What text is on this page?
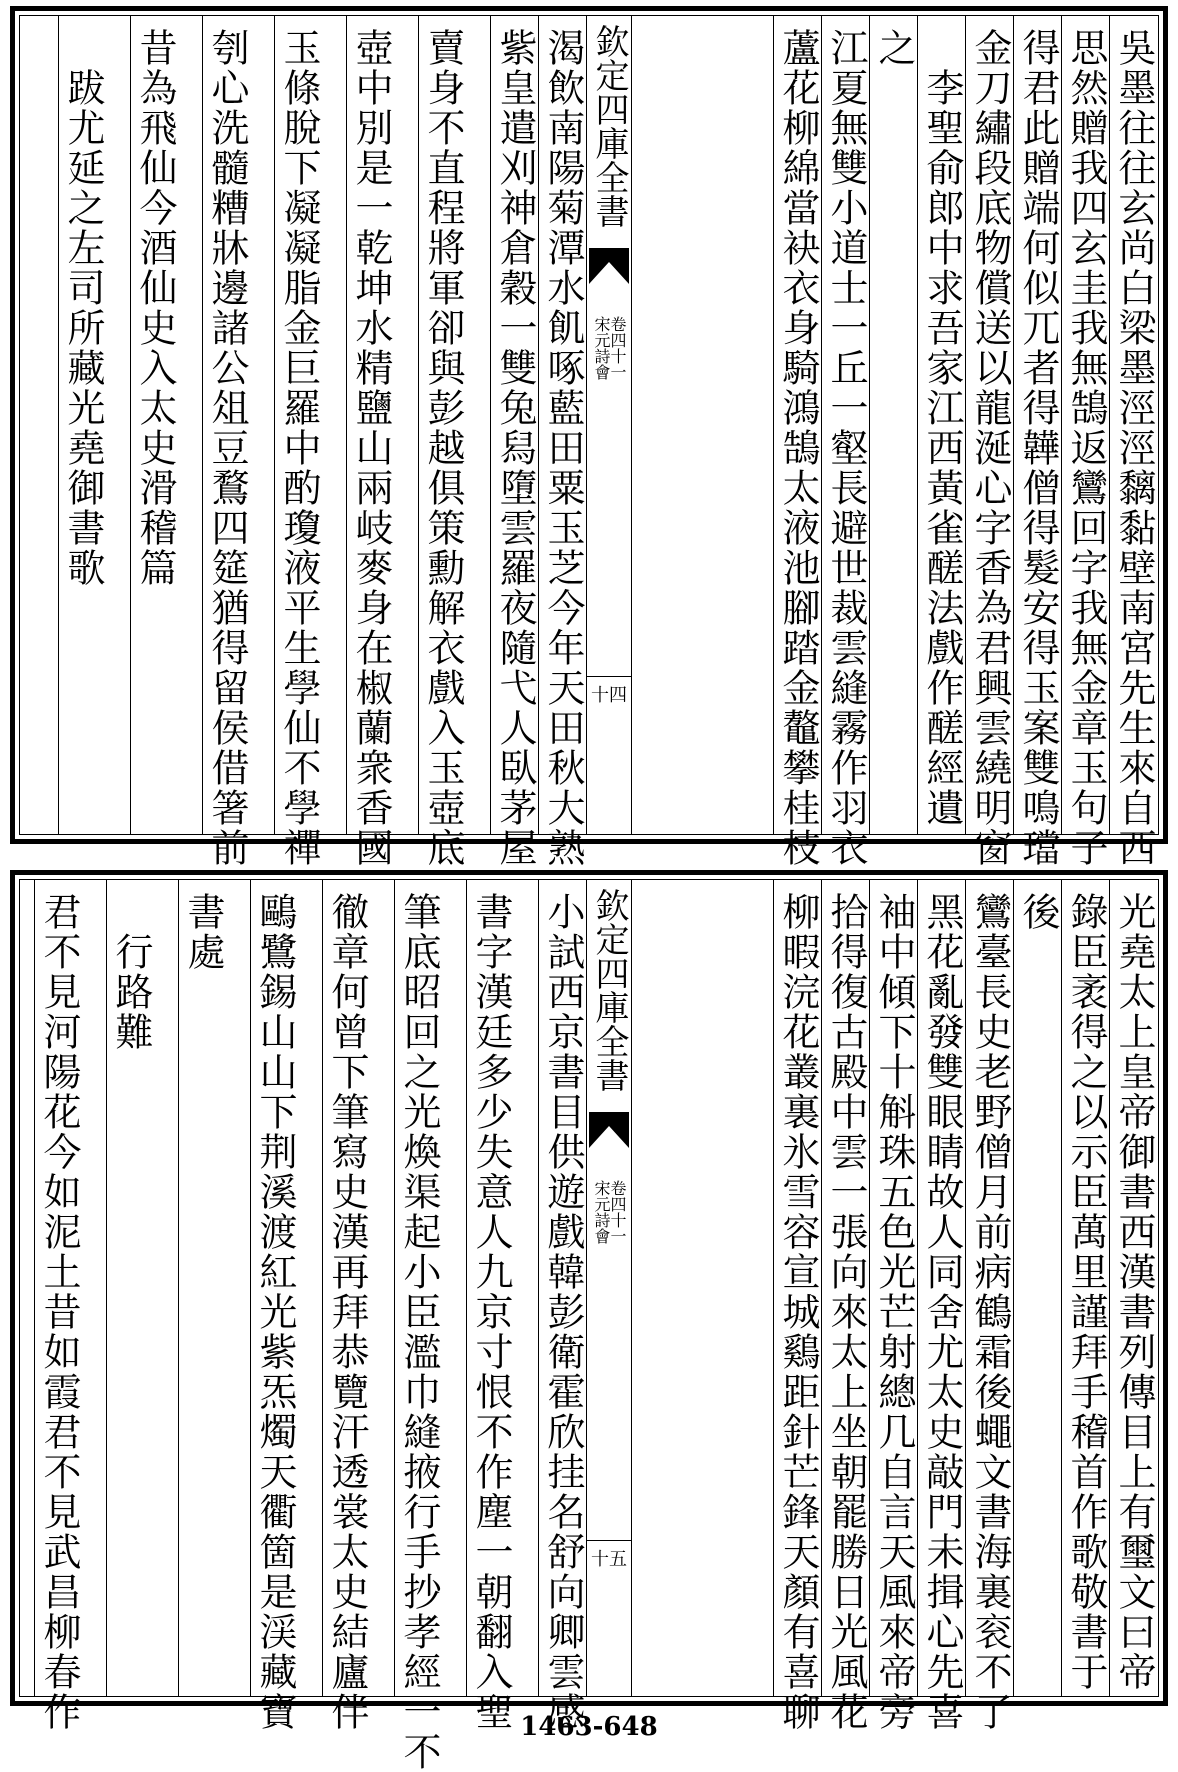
吳墨往往玄尚白梁墨涇涇黐黏壁南宮先生來自西
思然贈我四玄圭我無鵠返鸞回字我無金章玉句子
得君此贈端何似兀者得韡僧得髮安得玉案雙鳴璫
金刀繡段底物償送以龍涎心字香為君興雲繞明窗
　李聖俞郎中求吾家江西黃雀醝法戲作醝經遺
之
江夏無雙小道士一丘一壑長避世裁雲縫霧作羽衣
蘆花柳綿當袂衣身騎鴻鵠太液池腳踏金鼇攀桂枝
欽定四庫全書
宋元詩會
卷四十一
十四
渴飲南陽菊潭水飢啄藍田粟玉芝今年天田秋大熟
紫皇遣刈神倉穀一雙兔舄墮雲羅夜隨弋人臥茅屋
賣身不直程將軍卻與彭越俱策勳解衣戲入玉壺底
壺中別是一乾坤水精鹽山兩岐麥身在椒蘭衆香國
玉條脫下凝凝脂金巨羅中酌瓊液平生學仙不學禪
刳心洗髓糟牀邊諸公俎豆鶩四筵猶得留侯借箸前
昔為飛仙今酒仙史入太史滑稽篇
　跋尤延之左司所藏光堯御書歌
光堯太上皇帝御書西漢書列傳目上有璽文曰帝
錄臣袤得之以示臣萬里謹拜手稽首作歌敬書于
後
鸞臺長史老野僧月前病鶴霜後蠅文書海裏衮不了
黑花亂發雙眼睛故人同舍尤太史敲門未揖心先喜
袖中傾下十斛珠五色光芒射總几自言天風來帝旁
拾得復古殿中雲一張向來太上坐朝罷勝日光風花
柳暇浣花叢裏氷雪容宣城鷄距針芒鋒天顏有喜聊
欽定四庫全書
宋元詩會
卷四十一
十五
小試西京書目供遊戲韓彭衛霍欣挂名舒向卿雲感
書字漢廷多少失意人九京寸恨不作塵一朝翻入聖
筆底昭回之光煥渠起小臣濫巾縫掖行手抄孝經一不
徹章何曾下筆寫史漢再拜恭覽汗透裳太史結廬伴
鷗鷺錫山山下荆溪渡紅光紫炁燭天衢箇是渓藏寶
書處
　行路難
君不見河陽花今如泥土昔如霞君不見武昌柳春作	1463-648
